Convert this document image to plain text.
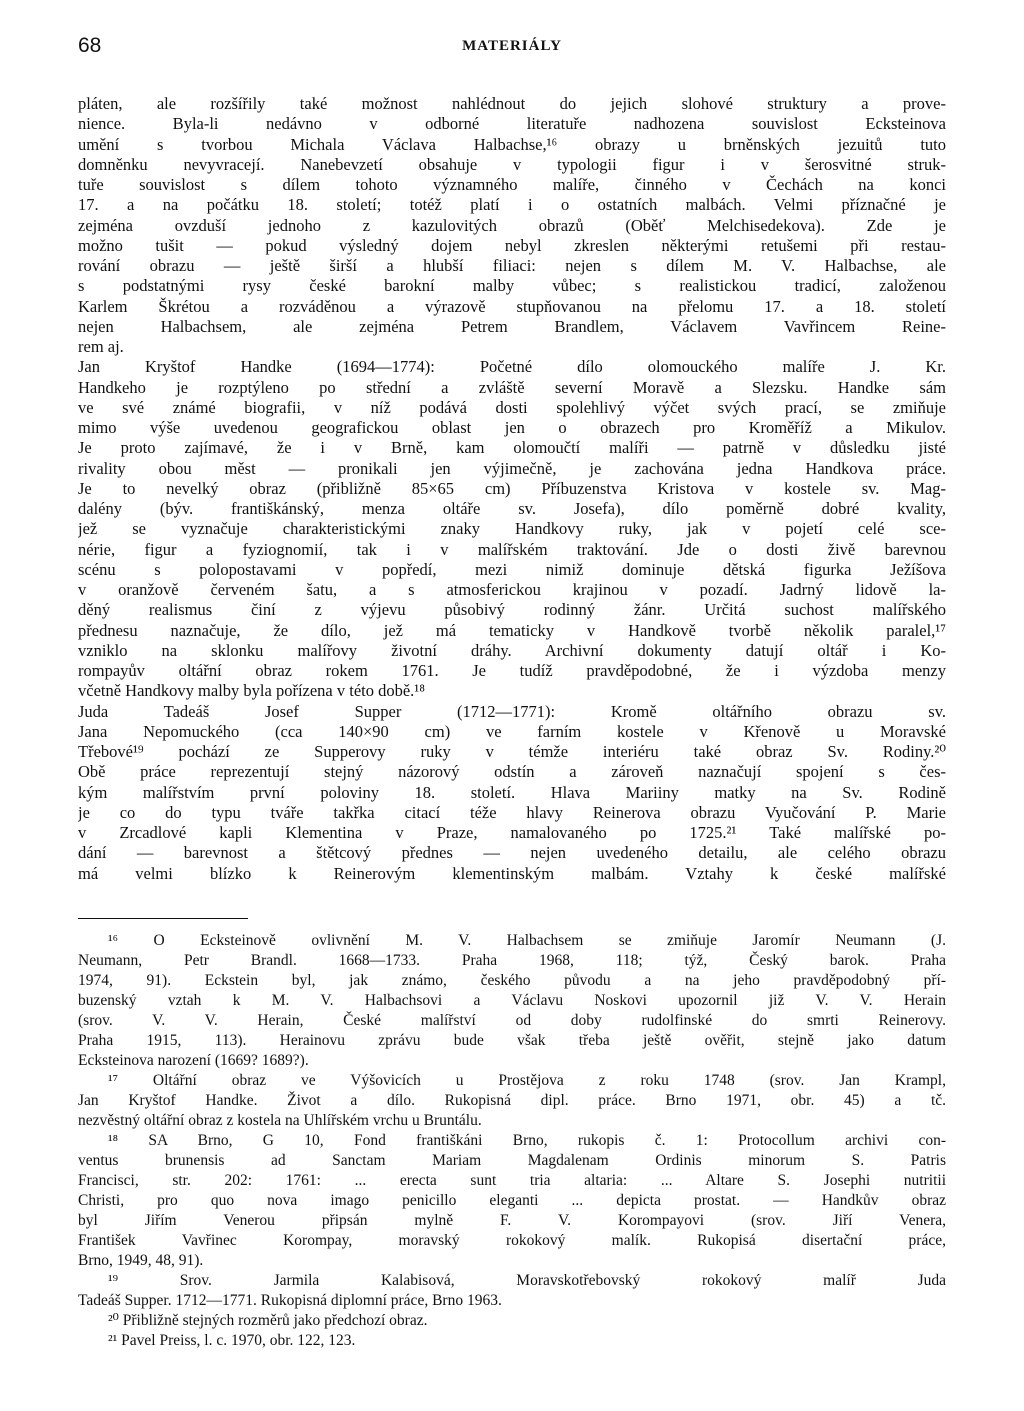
68	MATERIÁLY
pláten, ale rozšířily také možnost nahlédnout do jejich slohové struktury a prove-
nience. Byla-li nedávno v odborné literatuře nadhozena souvislost Ecksteinova
umění s tvorbou Michala Václava Halbachse,¹⁶ obrazy u brněnských jezuitů tuto
domněnku nevyvracejí. Nanebevzetí obsahuje v typologii figur i v šerosvitné struk-
tuře souvislost s dílem tohoto významného malíře, činného v Čechách na konci
17. a na počátku 18. století; totéž platí i o ostatních malbách. Velmi příznačné je
zejména ovzduší jednoho z kazulovitých obrazů (Oběť Melchisedekova). Zde je
možno tušit — pokud výsledný dojem nebyl zkreslen některými retušemi při restau-
rování obrazu — ještě širší a hlubší filiaci: nejen s dílem M. V. Halbachse, ale
s podstatnými rysy české barokní malby vůbec; s realistickou tradicí, založenou
Karlem Škrétou a rozváděnou a výrazově stupňovanou na přelomu 17. a 18. století
nejen Halbachsem, ale zejména Petrem Brandlem, Václavem Vavřincem Reine-
rem aj.
Jan Kryštof Handke (1694—1774): Početné dílo olomouckého malíře J. Kr.
Handkeho je rozptýleno po střední a zvláště severní Moravě a Slezsku. Handke sám
ve své známé biografii, v níž podává dosti spolehlivý výčet svých prací, se zmiňuje
mimo výše uvedenou geografickou oblast jen o obrazech pro Kroměříž a Mikulov.
Je proto zajímavé, že i v Brně, kam olomoučtí malíři — patrně v důsledku jisté
rivality obou měst — pronikali jen výjimečně, je zachována jedna Handkova práce.
Je to nevelký obraz (přibližně 85×65 cm) Příbuzenstva Kristova v kostele sv. Mag-
dalény (býv. františkánský, menza oltáře sv. Josefa), dílo poměrně dobré kvality,
jež se vyznačuje charakteristickými znaky Handkovy ruky, jak v pojetí celé sce-
nérie, figur a fyziognomií, tak i v malířském traktování. Jde o dosti živě barevnou
scénu s polopostavami v popředí, mezi nimiž dominuje dětská figurka Ježíšova
v oranžově červeném šatu, a s atmosferickou krajinou v pozadí. Jadrný lidově la-
děný realismus činí z výjevu působivý rodinný žánr. Určitá suchost malířského
přednesu naznačuje, že dílo, jež má tematicky v Handkově tvorbě několik paralel,¹⁷
vzniklo na sklonku malířovy životní dráhy. Archivní dokumenty datují oltář i Ko-
rompayův oltářní obraz rokem 1761. Je tudíž pravděpodobné, že i výzdoba menzy
včetně Handkovy malby byla pořízena v této době.¹⁸
Juda Tadeáš Josef Supper (1712—1771): Kromě oltářního obrazu sv.
Jana Nepomuckého (cca 140×90 cm) ve farním kostele v Křenově u Moravské
Třebové¹⁹ pochází ze Supperovy ruky v témže interiéru také obraz Sv. Rodiny.²⁰
Obě práce reprezentují stejný názorový odstín a zároveň naznačují spojení s čes-
kým malířstvím první poloviny 18. století. Hlava Mariiny matky na Sv. Rodině
je co do typu tváře takřka citací téže hlavy Reinerova obrazu Vyučování P. Marie
v Zrcadlové kapli Klementina v Praze, namalovaného po 1725.²¹ Také malířské po-
dání — barevnost a štětcový přednes — nejen uvedeného detailu, ale celého obrazu
má velmi blízko k Reinerovým klementinským malbám. Vztahy k české malířské
¹⁶ O Ecksteinově ovlivnění M. V. Halbachsem se zmiňuje Jaromír Neumann (J.
Neumann, Petr Brandl. 1668—1733. Praha 1968, 118; týž, Český barok. Praha
1974, 91). Eckstein byl, jak známo, českého původu a na jeho pravděpodobný pří-
buzenský vztah k M. V. Halbachsovi a Václavu Noskovi upozornil již V. V. Herain
(srov. V. V. Herain, České malířství od doby rudolfinské do smrti Reinerovy.
Praha 1915, 113). Herainovu zprávu bude však třeba ještě ověřit, stejně jako datum
Ecksteinova narození (1669? 1689?).
¹⁷ Oltářní obraz ve Výšovicích u Prostějova z roku 1748 (srov. Jan Krampl,
Jan Kryštof Handke. Život a dílo. Rukopisná dipl. práce. Brno 1971, obr. 45) a tč.
nezvěstný oltářní obraz z kostela na Uhlířském vrchu u Bruntálu.
¹⁸ SA Brno, G 10, Fond františkáni Brno, rukopis č. 1: Protocollum archivi con-
ventus brunensis ad Sanctam Mariam Magdalenam Ordinis minorum S. Patris
Francisci, str. 202: 1761: ... erecta sunt tria altaria: ... Altare S. Josephi nutritii
Christi, pro quo nova imago penicillo eleganti ... depicta prostat. — Handkův obraz
byl Jiřím Venerou připsán mylně F. V. Korompayovi (srov. Jiří Venera,
František Vavřinec Korompay, moravský rokokový malík. Rukopisá disertační práce,
Brno, 1949, 48, 91).
¹⁹ Srov. Jarmila Kalabisová, Moravskotřebovský rokokový malíř Juda
Tadeáš Supper. 1712—1771. Rukopisná diplomní práce, Brno 1963.
²⁰ Přibližně stejných rozměrů jako předchozí obraz.
²¹ Pavel Preiss, l. c. 1970, obr. 122, 123.
